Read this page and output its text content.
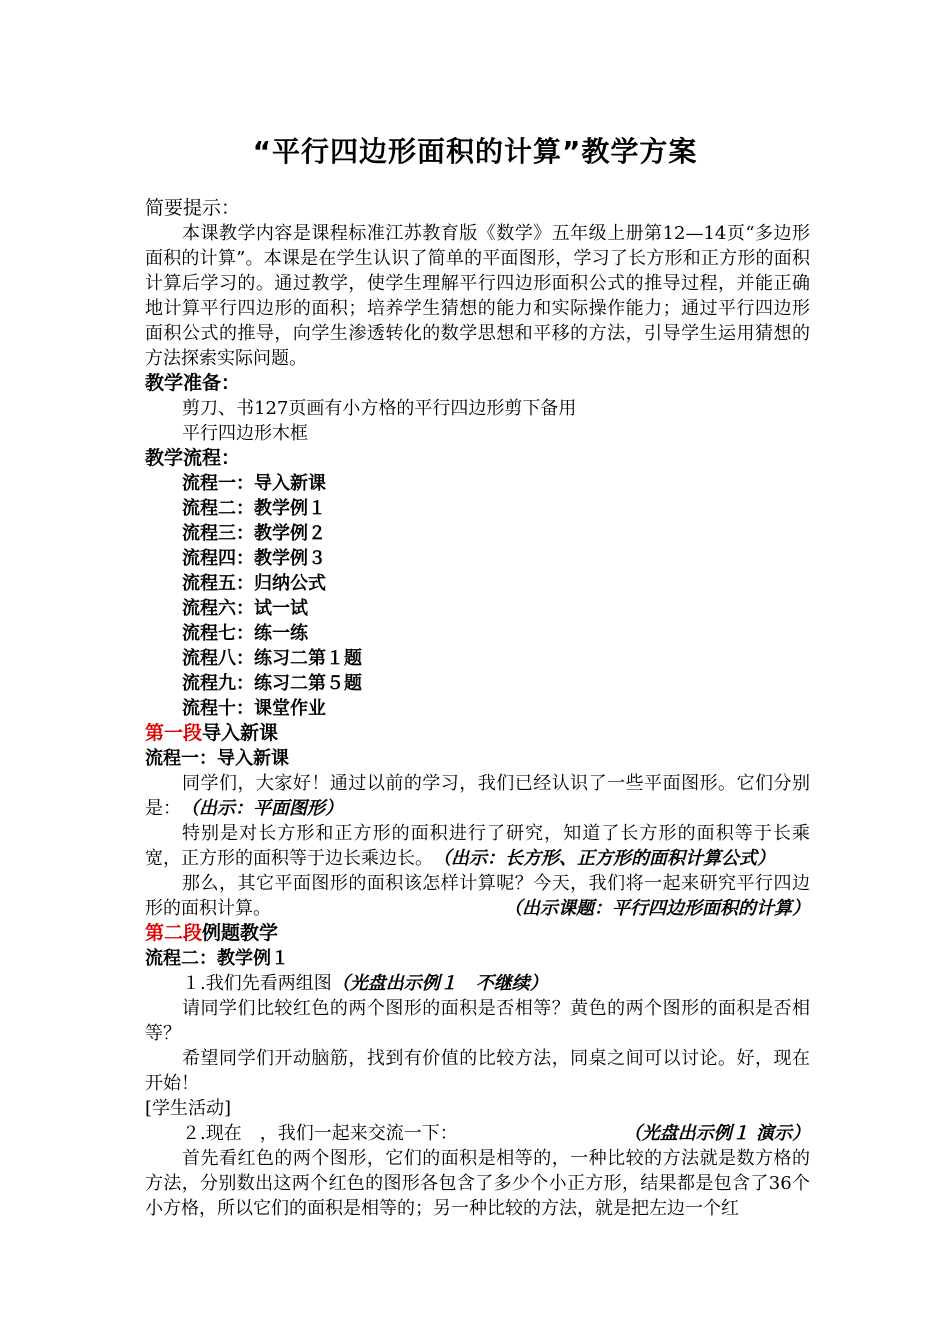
“平行四边形面积的计算”教学方案
简要提示：

本课教学内容是课程标准江苏教育版《数学》五年级上册第12—14页“多边形面积的计算”。本课是在学生认识了简单的平面图形，学习了长方形和正方形的面积计算后学习的。通过教学，使学生理解平行四边形面积公式的推导过程，并能正确地计算平行四边形的面积；培养学生猜想的能力和实际操作能力；通过平行四边形面积公式的推导，向学生渗透转化的数学思想和平移的方法，引导学生运用猜想的方法探索实际问题。

教学准备：

剪刀、书127页画有小方格的平行四边形剪下备用

平行四边形木框

教学流程：
流程一：导入新课
流程二：教学例１
流程三：教学例２
流程四：教学例３
流程五：归纳公式
流程六：试一试
流程七：练一练
流程八：练习二第１题
流程九：练习二第５题
流程十：课堂作业
第一段导入新课
流程一：导入新课

同学们，大家好！通过以前的学习，我们已经认识了一些平面图形。它们分别是：（出示：平面图形）

特别是对长方形和正方形的面积进行了研究，知道了长方形的面积等于长乘宽，正方形的面积等于边长乘边长。　 （出示：长方形、正方形的面积计算公式）

那么，其它平面图形的面积该怎样计算呢？今天，我们将一起来研究平行四边形的面积计算。	（出示课题：平行四边形面积的计算）

第二段例题教学
流程二：教学例１

１.我们先看两组图（光盘出示例１　不继续）

请同学们比较红色的两个图形的面积是否相等？黄色的两个图形的面积是否相等？

希望同学们开动脑筋，找到有价值的比较方法，同桌之间可以讨论。好，现在开始！

[学生活动]

２.现在　，我们一起来交流一下：	（光盘出示例１ 演示）

首先看红色的两个图形，它们的面积是相等的，一种比较的方法就是数方格的方法，分别数出这两个红色的图形各包含了多少个小正方形，结果都是包含了36个小方格，所以它们的面积是相等的；另一种比较的方法，就是把左边一个红
